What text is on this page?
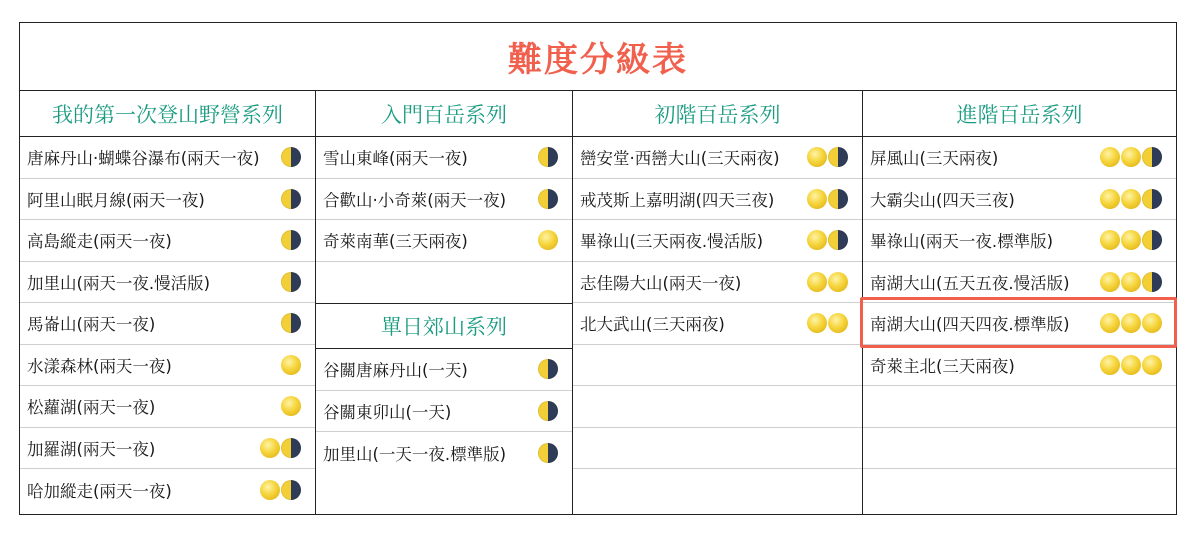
難度分級表
我的第一次登山野營系列
唐麻丹山‧蝴蝶谷瀑布(兩天一夜)
阿里山眠月線(兩天一夜)
高島縱走(兩天一夜)
加里山(兩天一夜.慢活版)
馬崙山(兩天一夜)
水漾森林(兩天一夜)
松蘿湖(兩天一夜)
加羅湖(兩天一夜)
哈加縱走(兩天一夜)
入門百岳系列
雪山東峰(兩天一夜)
合歡山‧小奇萊(兩天一夜)
奇萊南華(三天兩夜)
單日郊山系列
谷關唐麻丹山(一天)
谷關東卯山(一天)
加里山(一天一夜.標準版)
初階百岳系列
巒安堂‧西巒大山(三天兩夜)
戒茂斯上嘉明湖(四天三夜)
畢祿山(三天兩夜.慢活版)
志佳陽大山(兩天一夜)
北大武山(三天兩夜)
進階百岳系列
屏風山(三天兩夜)
大霸尖山(四天三夜)
畢祿山(兩天一夜.標準版)
南湖大山(五天五夜.慢活版)
南湖大山(四天四夜.標準版)
奇萊主北(三天兩夜)
